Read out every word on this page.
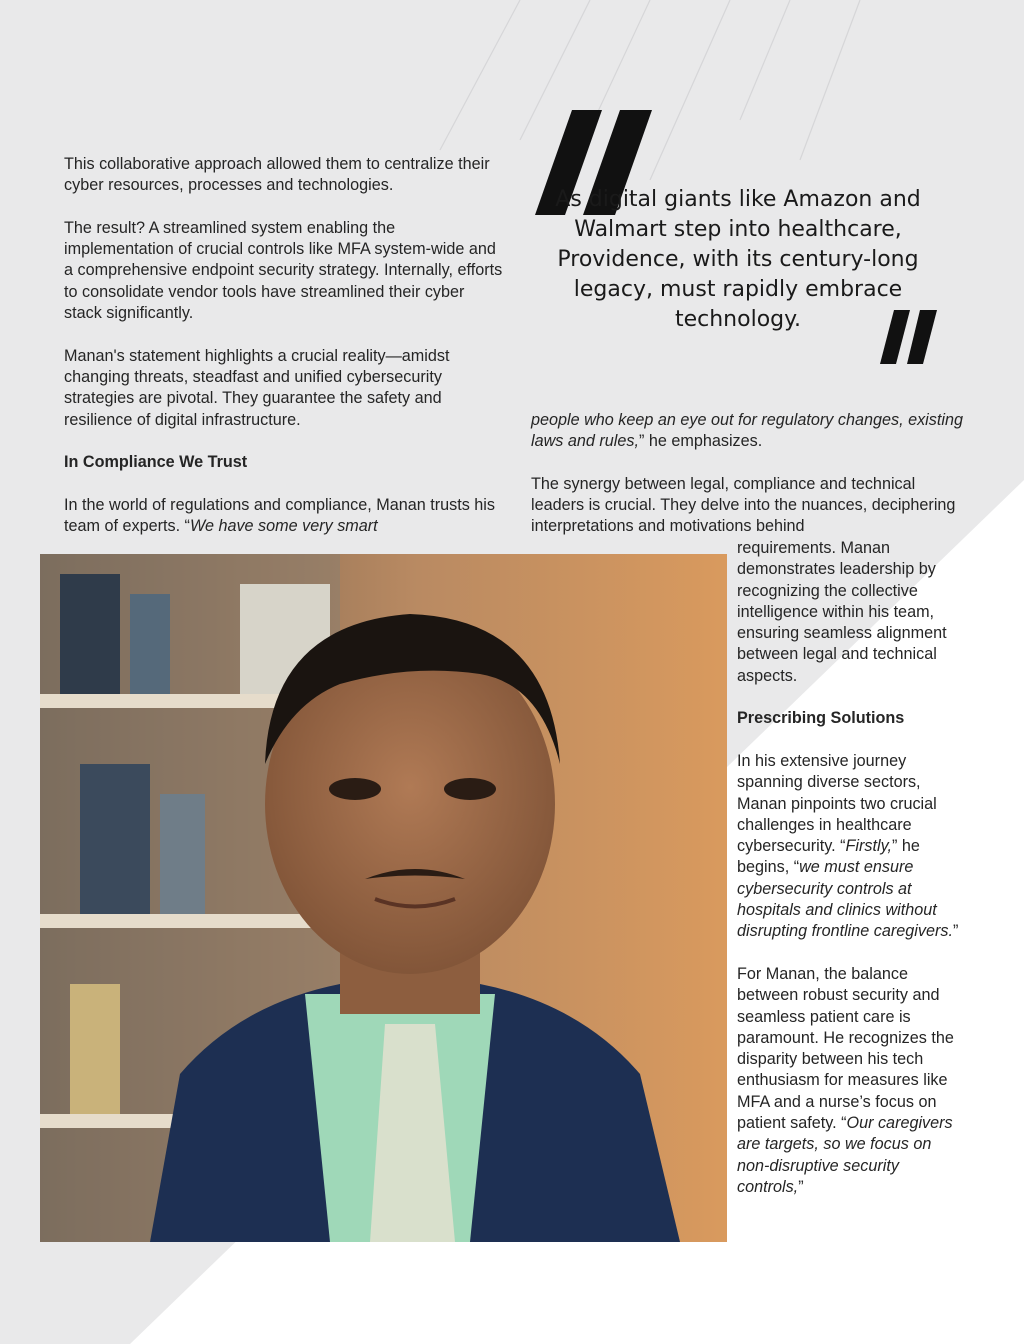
As digital giants like Amazon and Walmart step into healthcare, Providence, with its century-long legacy, must rapidly embrace technology.

This collaborative approach allowed them to centralize their cyber resources, processes and technologies.

The result? A streamlined system enabling the implementation of crucial controls like MFA system-wide and a comprehensive endpoint security strategy. Internally, efforts to consolidate vendor tools have streamlined their cyber stack significantly.

Manan's statement highlights a crucial reality—amidst changing threats, steadfast and unified cybersecurity strategies are pivotal. They guarantee the safety and resilience of digital infrastructure.

In Compliance We Trust

In the world of regulations and compliance, Manan trusts his team of experts. “We have some very smart

people who keep an eye out for regulatory changes, existing laws and rules,” he emphasizes.

The synergy between legal, compliance and technical leaders is crucial. They delve into the nuances, deciphering interpretations and motivations behind

requirements. Manan demonstrates leadership by recognizing the collective intelligence within his team, ensuring seamless alignment between legal and technical aspects.

Prescribing Solutions

In his extensive journey spanning diverse sectors, Manan pinpoints two crucial challenges in healthcare cybersecurity. “Firstly,” he begins, “we must ensure cybersecurity controls at hospitals and clinics without disrupting frontline caregivers.”

For Manan, the balance between robust security and seamless patient care is paramount. He recognizes the disparity between his tech enthusiasm for measures like MFA and a nurse’s focus on patient safety. “Our caregivers are targets, so we focus on non-disruptive security controls,”
